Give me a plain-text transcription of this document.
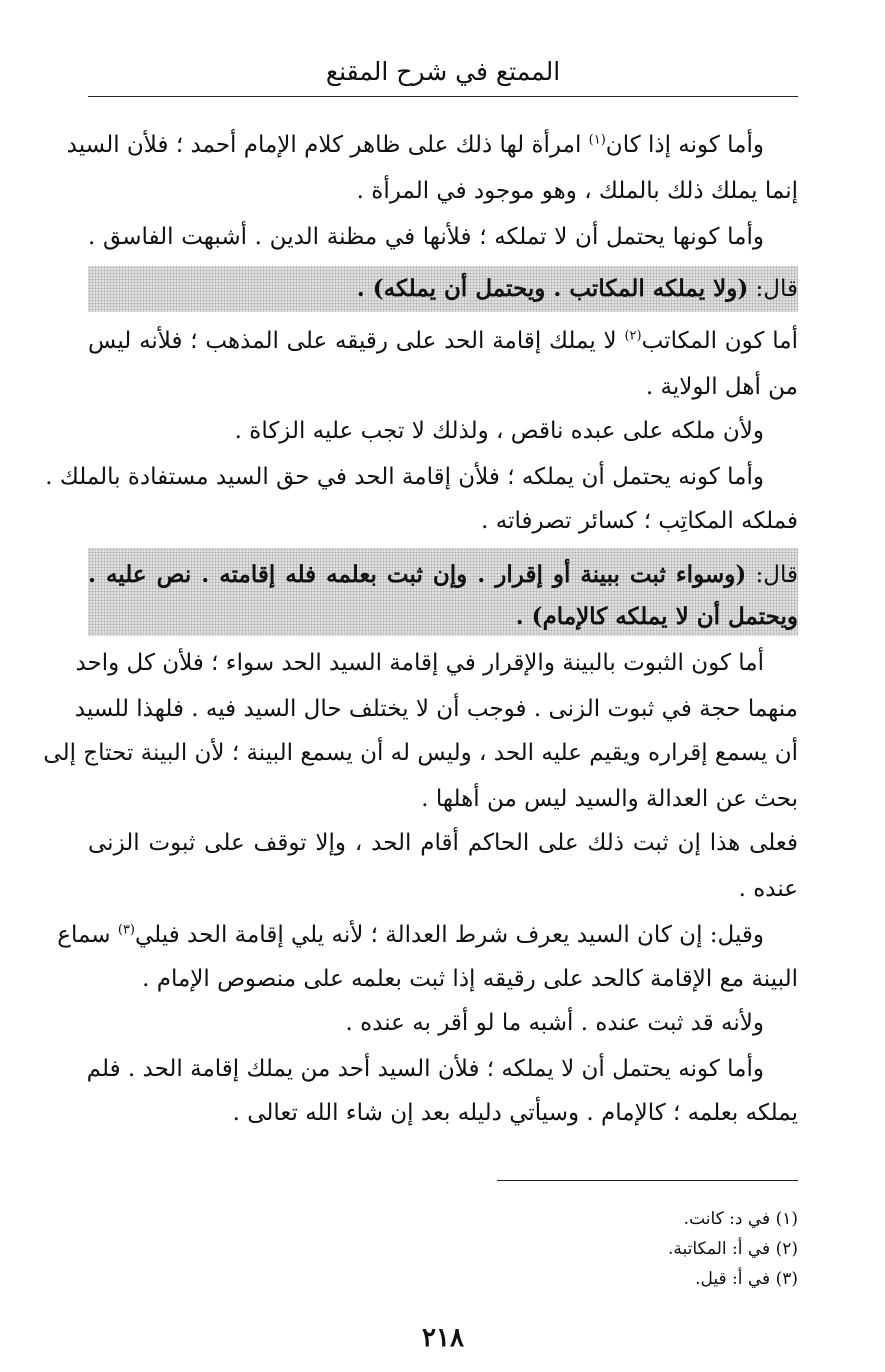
الممتع في شرح المقنع
وأما كونه إذا كان$^{(١)}$ امرأة لها ذلك على ظاهر كلام الإمام أحمد ؛ فلأن السيد
إنما يملك ذلك بالملك ، وهو موجود في المرأة .
وأما كونها يحتمل أن لا تملكه ؛ فلأنها في مظنة الدين . أشبهت الفاسق .
قال: (ولا يملكه المكاتب . ويحتمل أن يملكه) .
أما كون المكاتب$^{(٢)}$ لا يملك إقامة الحد على رقيقه على المذهب ؛ فلأنه ليس
من أهل الولاية .
ولأن ملكه على عبده ناقص ، ولذلك لا تجب عليه الزكاة .
وأما كونه يحتمل أن يملكه ؛ فلأن إقامة الحد في حق السيد مستفادة بالملك .
فملكه المكاتِب ؛ كسائر تصرفاته .
قال: (وسواء ثبت ببينة أو إقرار . وإن ثبت بعلمه فله إقامته . نص عليه .
ويحتمل أن لا يملكه كالإمام) .
أما كون الثبوت بالبينة والإقرار في إقامة السيد الحد سواء ؛ فلأن كل واحد
منهما حجة في ثبوت الزنى . فوجب أن لا يختلف حال السيد فيه . فلهذا للسيد
أن يسمع إقراره ويقيم عليه الحد ، وليس له أن يسمع البينة ؛ لأن البينة تحتاج إلى
بحث عن العدالة والسيد ليس من أهلها .
فعلى هذا إن ثبت ذلك على الحاكم أقام الحد ، وإلا توقف على ثبوت الزنى
عنده .
وقيل: إن كان السيد يعرف شرط العدالة ؛ لأنه يلي إقامة الحد فيلي$^{(٣)}$ سماع
البينة مع الإقامة كالحد على رقيقه إذا ثبت بعلمه على منصوص الإمام .
ولأنه قد ثبت عنده . أشبه ما لو أقر به عنده .
وأما كونه يحتمل أن لا يملكه ؛ فلأن السيد أحد من يملك إقامة الحد . فلم
يملكه بعلمه ؛ كالإمام . وسيأتي دليله بعد إن شاء الله تعالى .
(١) في د: كانت.
(٢) في أ: المكاتبة.
(٣) في أ: قيل.
٢١٨
